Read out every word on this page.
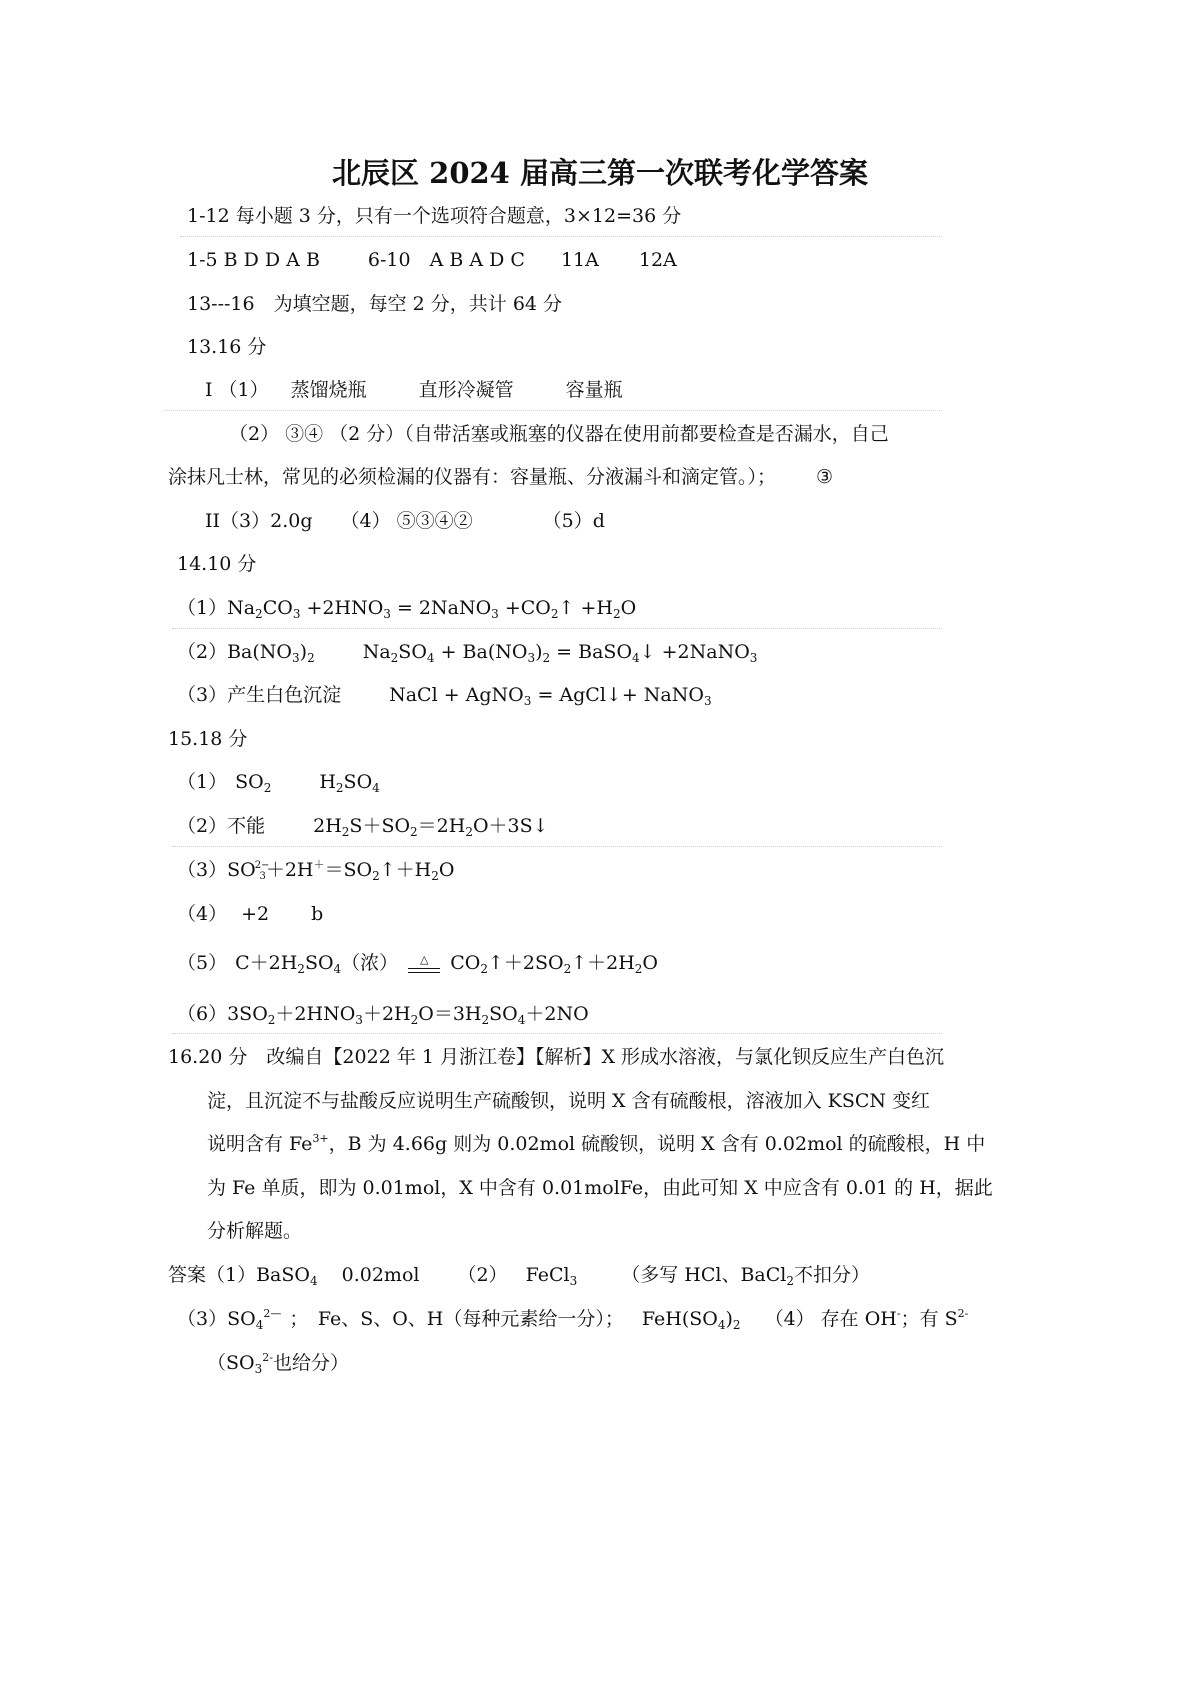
北辰区 2024 届高三第一次联考化学答案
1-12 每小题 3 分，只有一个选项符合题意，3×12=36 分
1-5 B D D A B	6-10　A B A D C 11A 12A
13---16　为填空题，每空 2 分，共计 64 分
13.16 分
I （1） 蒸馏烧瓶	直形冷凝管	容量瓶
（2） ③④ （2 分）（自带活塞或瓶塞的仪器在使用前都要检查是否漏水，自己
涂抹凡士林，常见的必须检漏的仪器有：容量瓶、分液漏斗和滴定管。）； ③
II（3）2.0g （4） ⑤③④②	（5）d
14.10 分
$(1)Na_2CO_3 +2HNO_3$ = 2NaNO$_3$ $+CO_2↑ +H_2O$
$(2)Ba(NO_3)_2$	$Na_2SO_4 + Ba(NO_3)_2$ = BaSO$_4$↓ +2NaNO$_3$
（3）产生白色沉淀	NaCl + AgNO$_3$ = AgCl↓+ NaNO$_3$
15.18 分
（1） $SO_2$	$H_2SO_4$
（2）不能	$2H_2S+SO_2=2H_2O+3S↓$
$(3)SO^{2-}3+2H^+=SO_2↑+H_2O$
（4） +2 b
（5） $C+2H_2SO_4$（浓）	△	$CO_2↑+2SO_2↑+2H_2O$
$(6)3SO_2+2HNO_3+2H_2O=3H_2SO_4+2NO$
16.20 分　改编自【2022 年 1 月浙江卷】【解析】X 形成水溶液，与氯化钡反应生产白色沉
淀，且沉淀不与盐酸反应说明生产硫酸钡，说明 X 含有硫酸根，溶液加入 KSCN 变红
说明含有 $Fe^{3+}$，B 为 4.66g 则为 0.02mol 硫酸钡，说明 X 含有 0.02mol 的硫酸根，H 中
为 Fe 单质，即为 0.01mol，X 中含有 0.01molFe，由此可知 X 中应含有 0.01 的 H，据此
分析解题。
答案（1）BaSO$_4$ 0.02mol （2） FeCl$_3$ （多写 HCl、BaCl$_2$不扣分）
$(3)SO_4^{2—}$ ；　Fe、S、O、H（每种元素给一分）； $FeH(SO_4)_2$ （4） 存在 OH-；有 $S^{2-}$
（$SO_3^{2-}$也给分）
